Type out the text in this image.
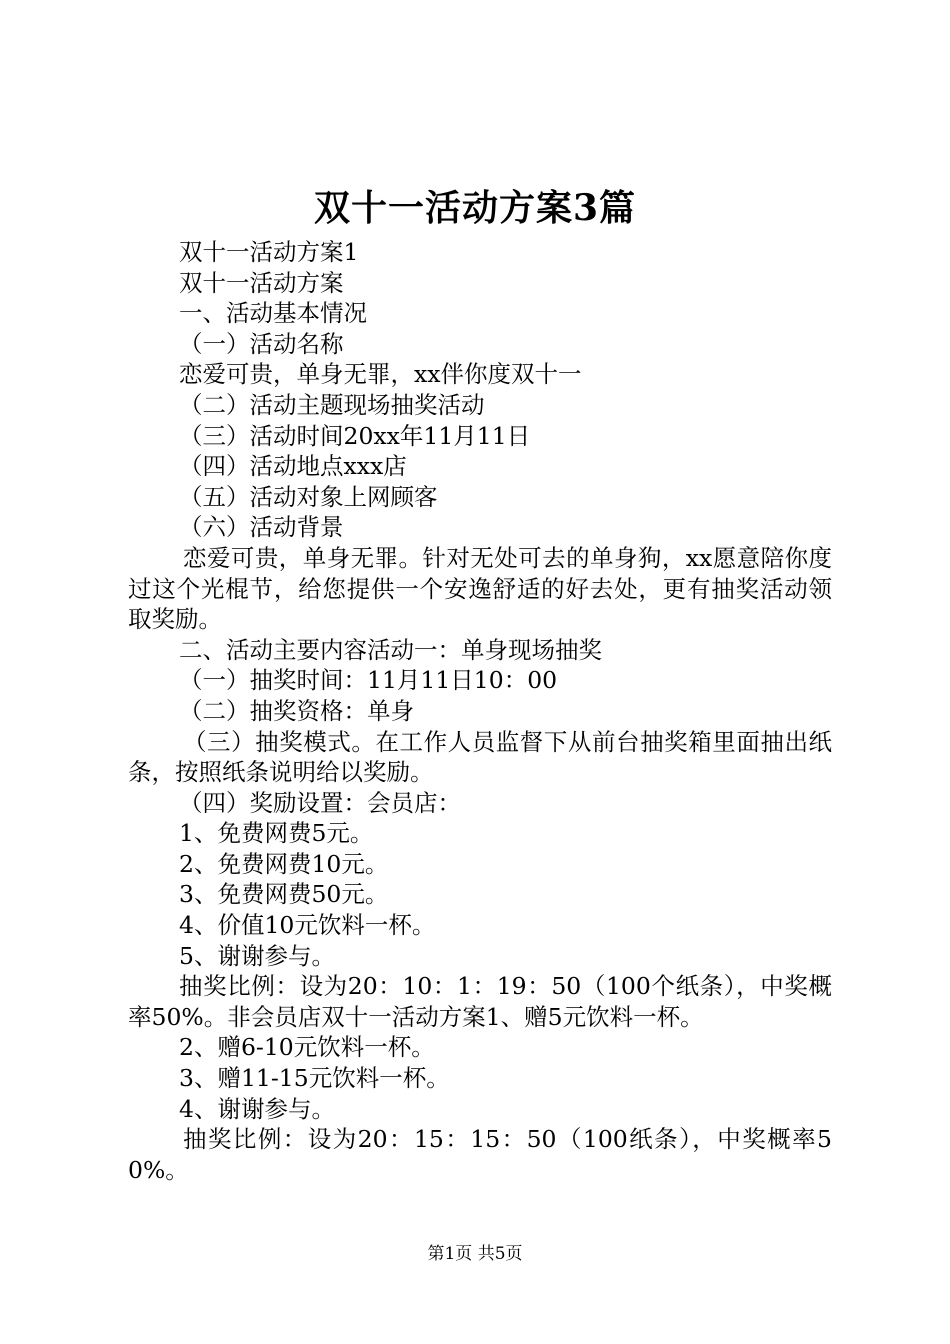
双十一活动方案3篇

双十一活动方案1

双十一活动方案

一、活动基本情况

（一）活动名称

恋爱可贵，单身无罪，xx伴你度双十一

（二）活动主题现场抽奖活动

（三）活动时间20xx年11月11日

（四）活动地点xxx店

（五）活动对象上网顾客

（六）活动背景

恋爱可贵，单身无罪。针对无处可去的单身狗，xx愿意陪你度过这个光棍节，给您提供一个安逸舒适的好去处，更有抽奖活动领取奖励。

二、活动主要内容活动一：单身现场抽奖

（一）抽奖时间：11月11日10：00

（二）抽奖资格：单身

（三）抽奖模式。在工作人员监督下从前台抽奖箱里面抽出纸条，按照纸条说明给以奖励。

（四）奖励设置：会员店：

1、免费网费5元。

2、免费网费10元。

3、免费网费50元。

4、价值10元饮料一杯。

5、谢谢参与。

抽奖比例：设为20：10：1：19：50（100个纸条），中奖概率50%。非会员店双十一活动方案1、赠5元饮料一杯。

2、赠6-10元饮料一杯。

3、赠11-15元饮料一杯。

4、谢谢参与。

抽奖比例：设为20：15：15：50（100纸条），中奖概率50%。

第1页 共5页
